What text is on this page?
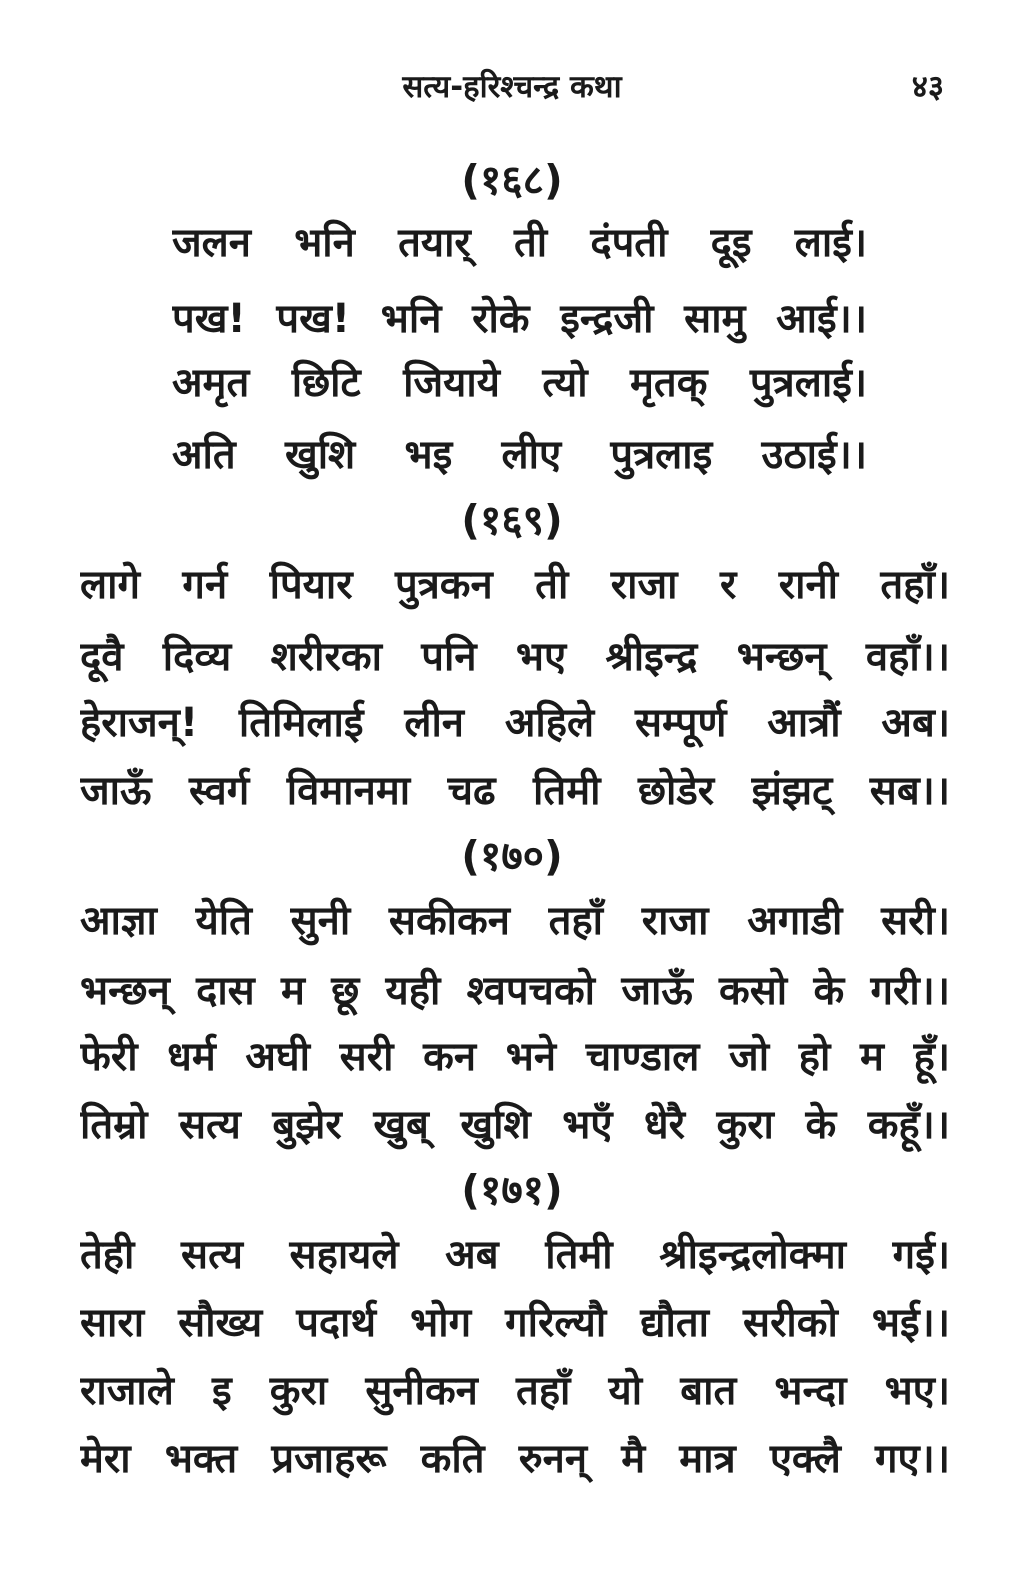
सत्य-हरिश्चन्द्र कथा	४३
(१६८)
जलन भनि तयार् ती दंपती दूइ लाई।
पख! पख! भनि रोके इन्द्रजी सामु आई।।
अमृत छिटि जियाये त्यो मृतक् पुत्रलाई।
अति खुशि भइ लीए पुत्रलाइ उठाई।।
(१६९)
लागे गर्न पियार पुत्रकन ती राजा र रानी तहाँ।
दूवै दिव्य शरीरका पनि भए श्रीइन्द्र भन्छन् वहाँ।।
हेराजन्! तिमिलाई लीन अहिले सम्पूर्ण आत्रौं अब।
जाऊँ स्वर्ग विमानमा चढ तिमी छोडेर झंझट् सब।।
(१७०)
आज्ञा येति सुनी सकीकन तहाँ राजा अगाडी सरी।
भन्छन् दास म छू यही श्वपचको जाऊँ कसो के गरी।।
फेरी धर्म अघी सरी कन भने चाण्डाल जो हो म हूँ।
तिम्रो सत्य बुझेर खुब् खुशि भएँ धेरै कुरा के कहूँ।।
(१७१)
तेही सत्य सहायले अब तिमी श्रीइन्द्रलोक्मा गई।
सारा सौख्य पदार्थ भोग गरिल्यौ द्यौता सरीको भई।।
राजाले इ कुरा सुनीकन तहाँ यो बात भन्दा भए।
मेरा भक्त प्रजाहरू कति रुनन् मै मात्र एक्लै गए।।
